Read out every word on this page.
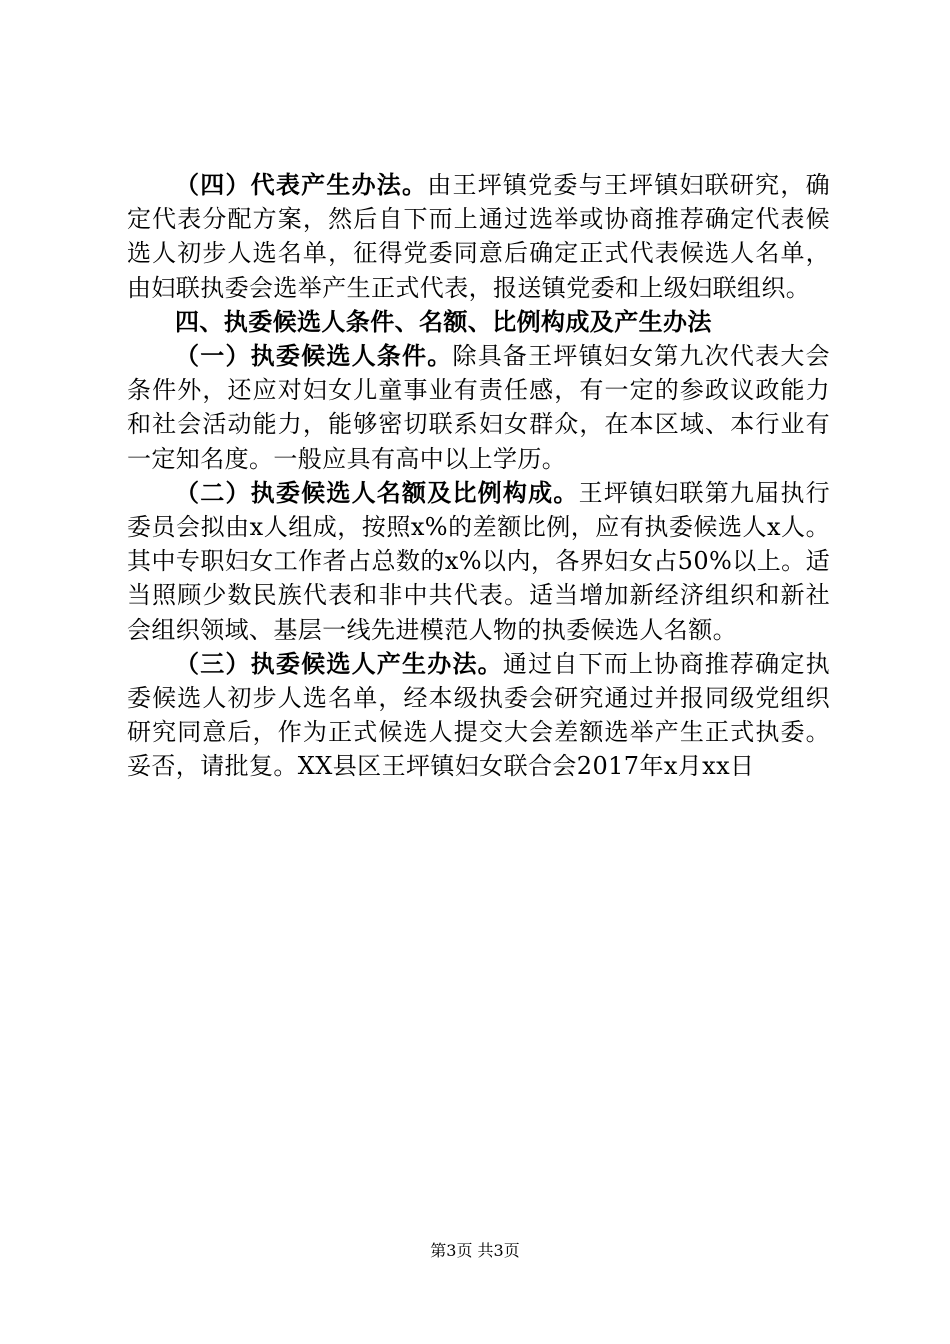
（四）代表产生办法。由王坪镇党委与王坪镇妇联研究，确定代表分配方案，然后自下而上通过选举或协商推荐确定代表候选人初步人选名单，征得党委同意后确定正式代表候选人名单，由妇联执委会选举产生正式代表，报送镇党委和上级妇联组织。

四、执委候选人条件、名额、比例构成及产生办法

（一）执委候选人条件。除具备王坪镇妇女第九次代表大会条件外，还应对妇女儿童事业有责任感，有一定的参政议政能力和社会活动能力，能够密切联系妇女群众，在本区域、本行业有一定知名度。一般应具有高中以上学历。

（二）执委候选人名额及比例构成。王坪镇妇联第九届执行委员会拟由x人组成，按照x%的差额比例，应有执委候选人x人。其中专职妇女工作者占总数的x%以内，各界妇女占50%以上。适当照顾少数民族代表和非中共代表。适当增加新经济组织和新社会组织领域、基层一线先进模范人物的执委候选人名额。

（三）执委候选人产生办法。通过自下而上协商推荐确定执委候选人初步人选名单，经本级执委会研究通过并报同级党组织研究同意后，作为正式候选人提交大会差额选举产生正式执委。妥否，请批复。XX县区王坪镇妇女联合会2017年x月xx日

第3页 共3页
